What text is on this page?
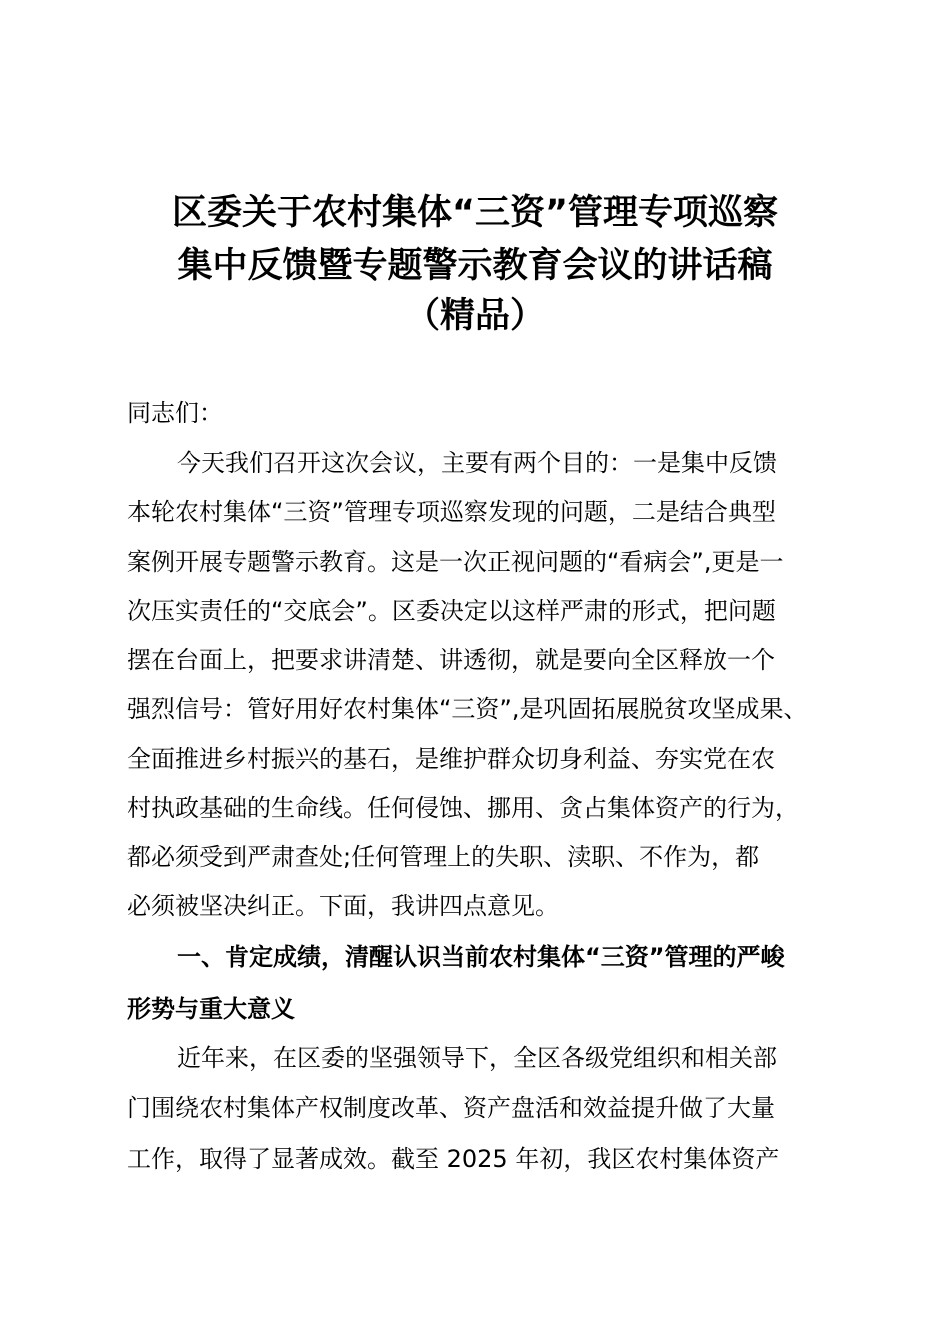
区委关于农村集体“三资”管理专项巡察
集中反馈暨专题警示教育会议的讲话稿
（精品）
同志们：
今天我们召开这次会议，主要有两个目的：一是集中反馈
本轮农村集体“三资”管理专项巡察发现的问题，二是结合典型
案例开展专题警示教育。这是一次正视问题的“看病会”,更是一
次压实责任的“交底会”。区委决定以这样严肃的形式，把问题
摆在台面上，把要求讲清楚、讲透彻，就是要向全区释放一个
强烈信号：管好用好农村集体“三资”,是巩固拓展脱贫攻坚成果、
全面推进乡村振兴的基石，是维护群众切身利益、夯实党在农
村执政基础的生命线。任何侵蚀、挪用、贪占集体资产的行为，
都必须受到严肃查处;任何管理上的失职、渎职、不作为，都
必须被坚决纠正。下面，我讲四点意见。
一、肯定成绩，清醒认识当前农村集体“三资”管理的严峻
形势与重大意义
近年来，在区委的坚强领导下，全区各级党组织和相关部
门围绕农村集体产权制度改革、资产盘活和效益提升做了大量
工作，取得了显著成效。截至 2025 年初，我区农村集体资产
